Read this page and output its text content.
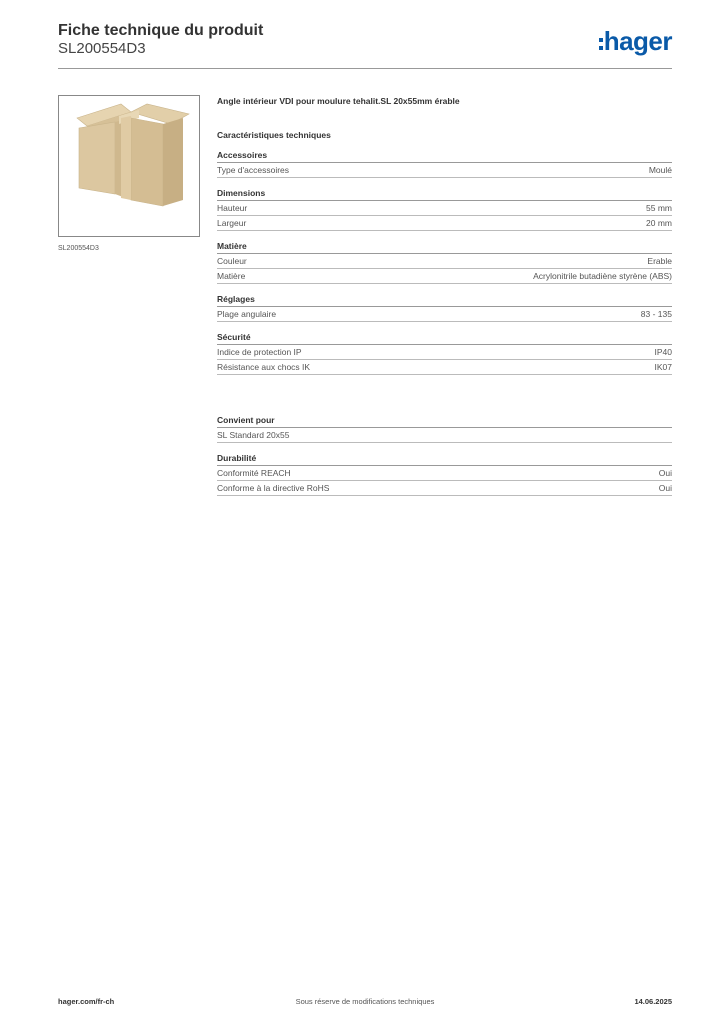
Fiche technique du produit
SL200554D3	hager
SL200554D3
Angle intérieur VDI pour moulure tehalit.SL 20x55mm érable
Caractéristiques techniques
Accessoires
Type d'accessoires	Moulé
Dimensions
Hauteur	55 mm
Largeur	20 mm
Matière
Couleur	Erable
Matière	Acrylonitrile butadiène styrène (ABS)
Réglages
Plage angulaire	83 - 135
Sécurité
Indice de protection IP	IP40
Résistance aux chocs IK	IK07
Convient pour
SL Standard 20x55
Durabilité
Conformité REACH	Oui
Conforme à la directive RoHS	Oui
hager.com/fr-ch	Sous réserve de modifications techniques	14.06.2025
